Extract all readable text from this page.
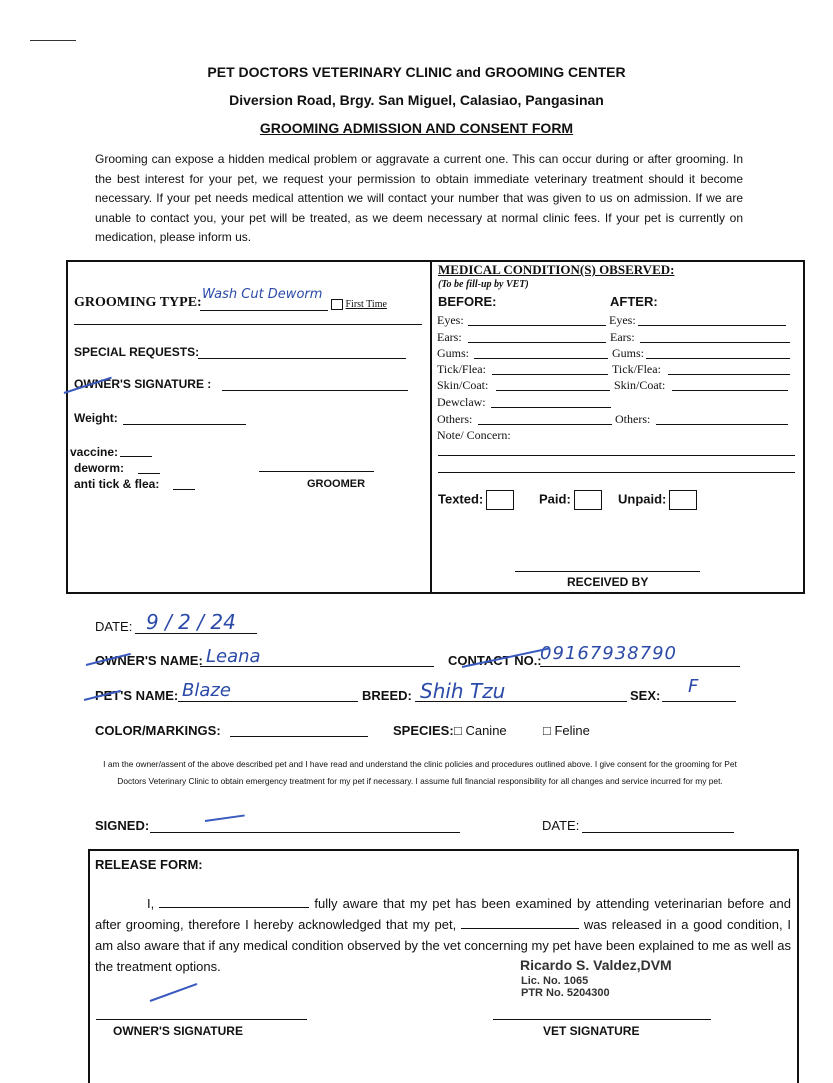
PET DOCTORS VETERINARY CLINIC and GROOMING CENTER
Diversion Road, Brgy. San Miguel, Calasiao, Pangasinan
GROOMING ADMISSION AND CONSENT FORM
Grooming can expose a hidden medical problem or aggravate a current one. This can occur during or after grooming. In the best interest for your pet, we request your permission to obtain immediate veterinary treatment should it become necessary. If your pet needs medical attention we will contact your number that was given to us on admission. If we are unable to contact you, your pet will be treated, as we deem necessary at normal clinic fees. If your pet is currently on medication, please inform us.
GROOMING TYPE:
Wash Cut Deworm
First Time
SPECIAL REQUESTS:
OWNER'S SIGNATURE :
Weight:
vaccine:
deworm:
anti tick & flea:	GROOMER
MEDICAL CONDITION(S) OBSERVED:
(To be fill-up by VET)
BEFORE:	AFTER:
Eyes:	Eyes:
Ears:	Ears:
Gums:	Gums:
Tick/Flea:	Tick/Flea:
Skin/Coat:	Skin/Coat:
Dewclaw:
Others:	Others:
Note/ Concern:
Texted:	Paid:	Unpaid:
RECEIVED BY
DATE: 9 / 2 / 24
OWNER'S NAME: Leana	CONTACT NO.:
09167938790
PET'S NAME: Blaze	BREED: Shih Tzu	SEX: F
COLOR/MARKINGS:	SPECIES: □ Canine	□ Feline
I am the owner/assent of the above described pet and I have read and understand the clinic policies and procedures outlined above. I give consent for the grooming for Pet Doctors Veterinary Clinic to obtain emergency treatment for my pet if necessary. I assume full financial responsibility for all changes and service incurred for my pet.
SIGNED:	DATE:
RELEASE FORM:
I,	fully aware that my pet has been examined by attending veterinarian before and after grooming, therefore I hereby acknowledged that my pet,	was released in a good condition, I am also aware that if any medical condition observed by the vet concerning my pet have been explained to me as well as the treatment options.	Ricardo S. Valdez,DVM
Lic. No. 1065
PTR No. 5204300
OWNER'S SIGNATURE	VET SIGNATURE
